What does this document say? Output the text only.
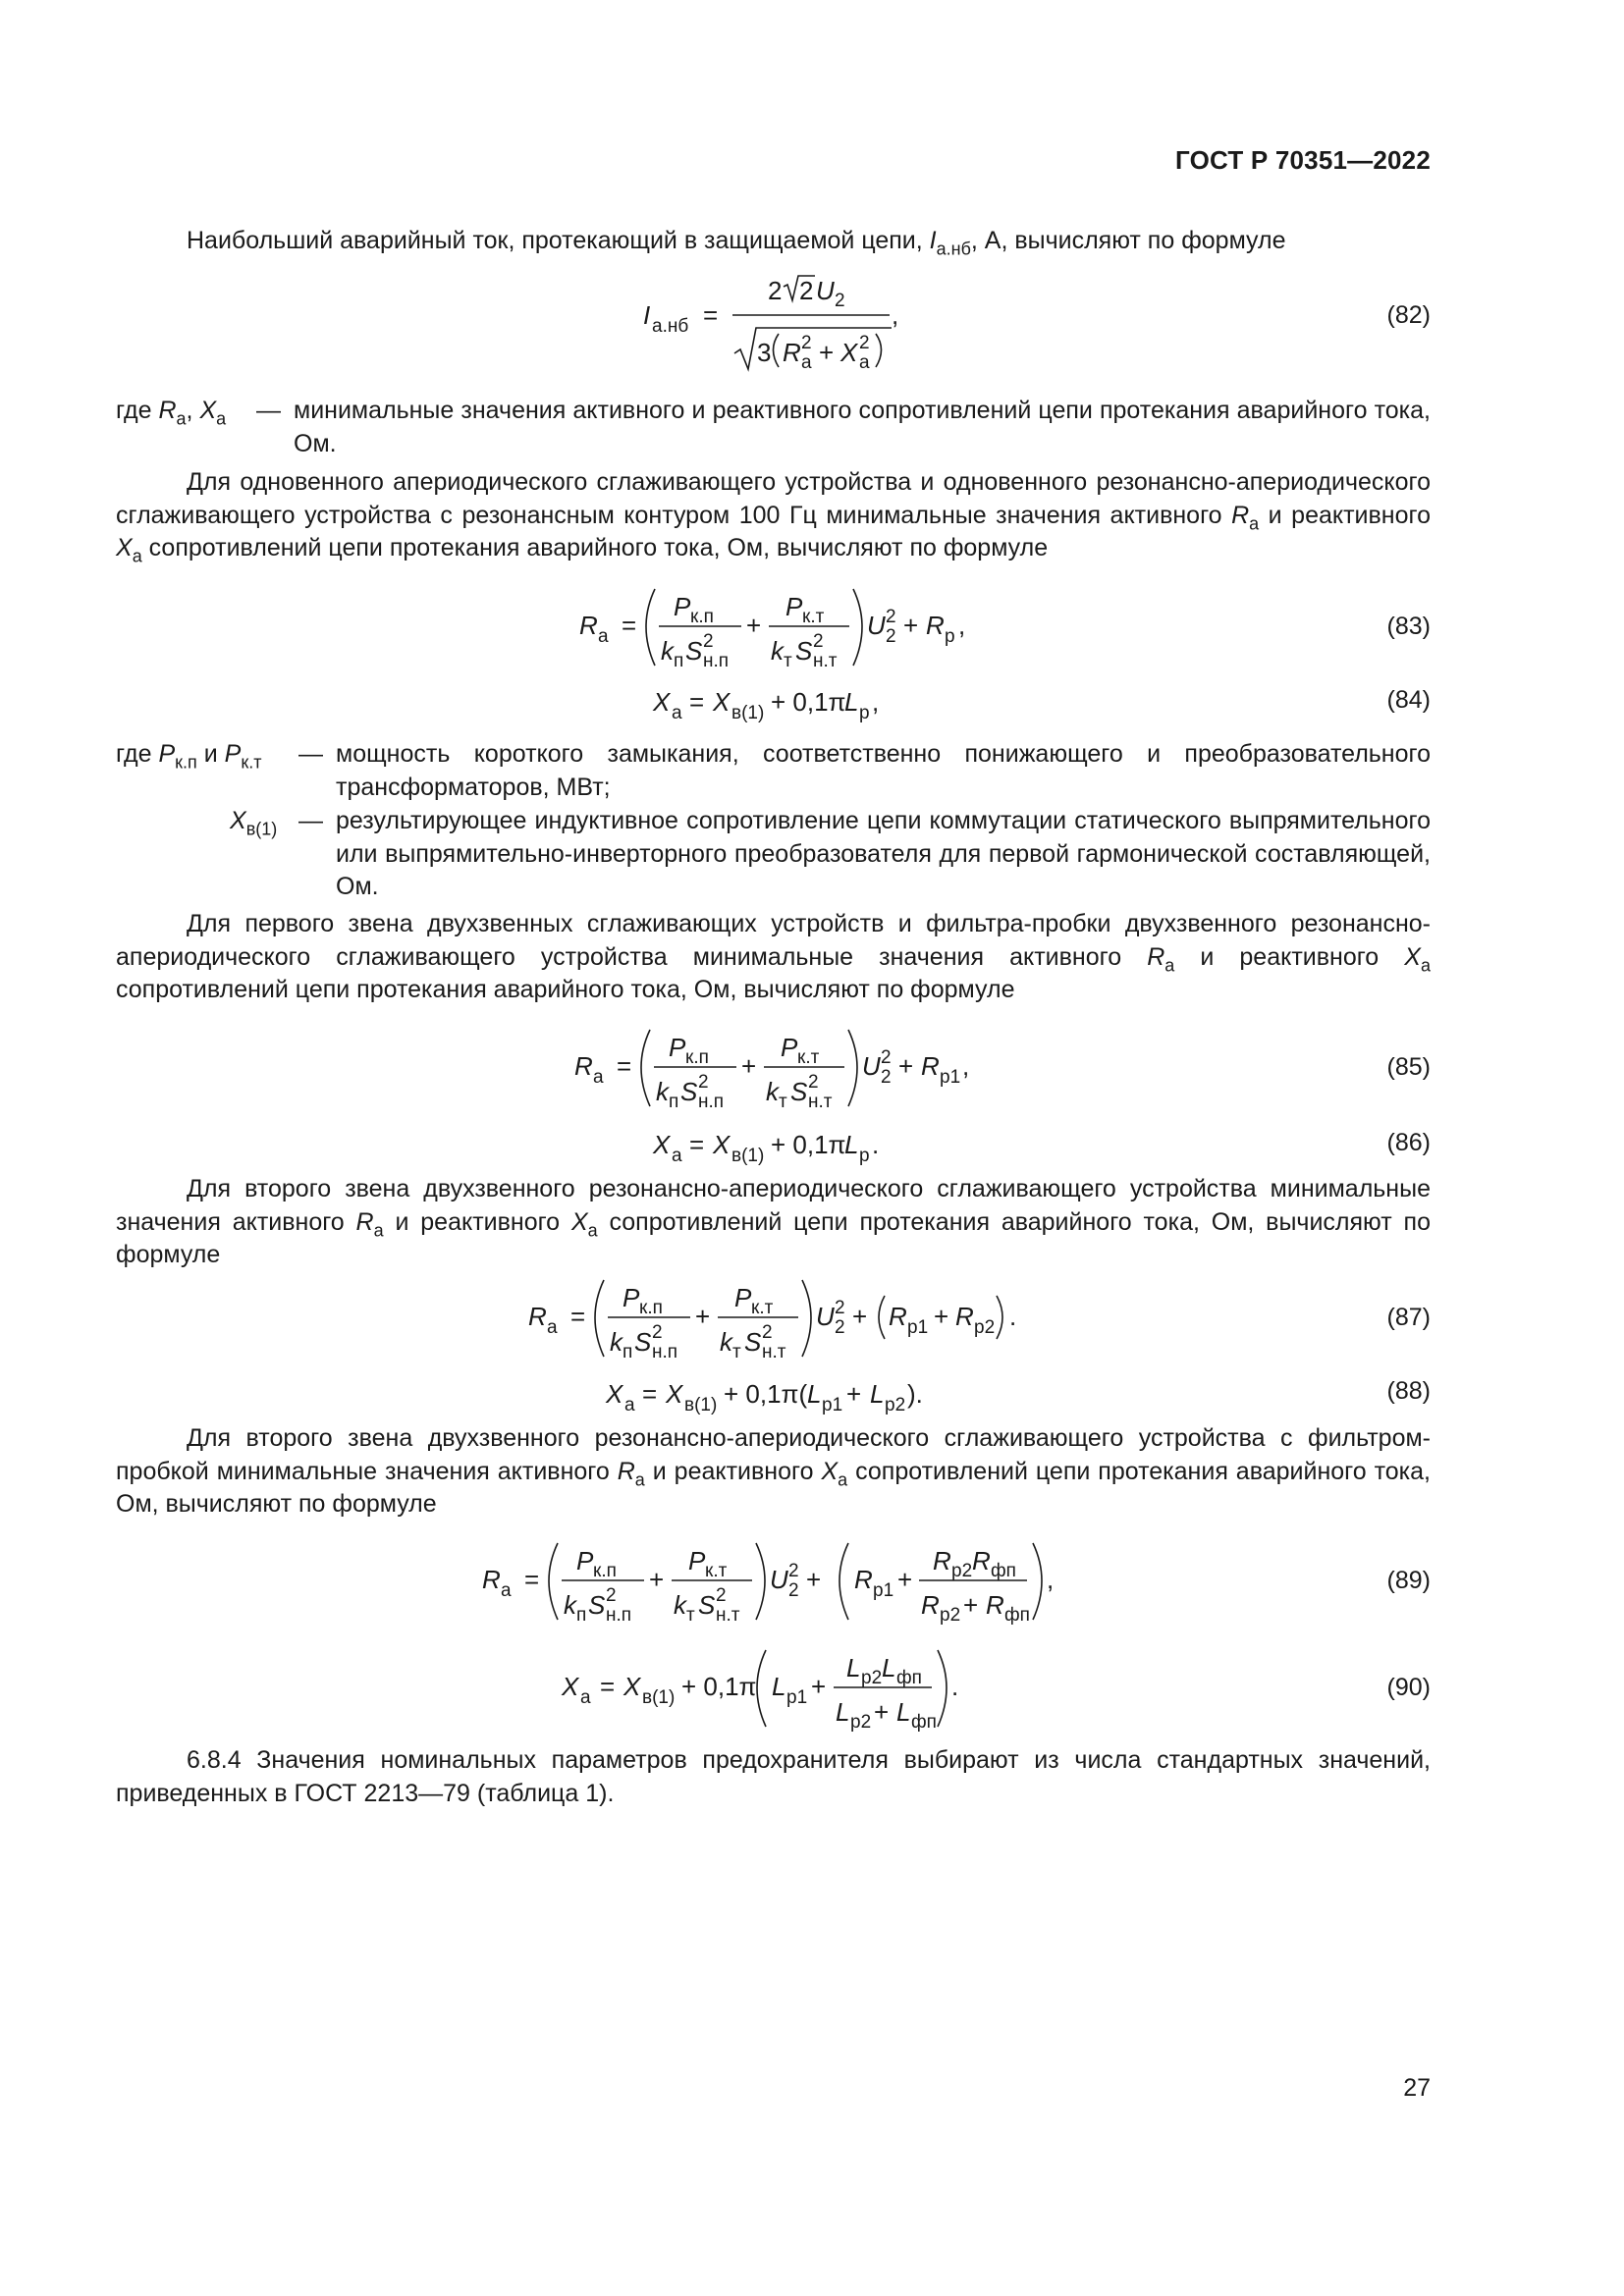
ГОСТ Р 70351—2022

Наибольший аварийный ток, протекающий в защищаемой цепи, $I_{а.нб}$, А, вычисляют по формуле

I а.нб =
2 2 U 2
3 R 2
а + X 2
а
,	(82)
где $R_а$, $X_а$ — минимальные значения активного и реактивного сопротивлений цепи протекания аварийного тока, Ом.

Для одновенного апериодического сглаживающего устройства и одновенного резонансно-апериодического сглаживающего устройства с резонансным контуром 100 Гц минимальные значения активного $R_а$ и реактивного $X_а$ сопротивлений цепи протекания аварийного тока, Ом, вычисляют по формуле

R а =
P к.п
k п S 2
н.п
+
P к.т
k т S 2
н.т
U 2
2 + R р ,	(83)
X а = X в(1) + 0,1π
L р ,	(84)
где $P_{к.п}$ и $P_{к.т}$ — мощность короткого замыкания, соответственно понижающего и преобразовательного трансформаторов, МВт;
$X_{в(1)}$ — результирующее индуктивное сопротивление цепи коммутации статического выпрямительного или выпрямительно-инверторного преобразователя для первой гармонической составляющей, Ом.

Для первого звена двухзвенных сглаживающих устройств и фильтра-пробки двухзвенного резонансно-апериодического сглаживающего устройства минимальные значения активного $R_а$ и реактивного $X_а$ сопротивлений цепи протекания аварийного тока, Ом, вычисляют по формуле

R а =
P к.п
k п S 2
н.п
+
P к.т
k т S 2
н.т
U 2
2 + R р1 ,	(85)
X а = X в(1) + 0,1π
L р .	(86)

Для второго звена двухзвенного резонансно-апериодического сглаживающего устройства минимальные значения активного $R_а$ и реактивного $X_а$ сопротивлений цепи протекания аварийного тока, Ом, вычисляют по формуле

R а =
P к.п
k п S 2
н.п
+
P к.т
k т S 2
н.т
U 2
2 + R р1 + R р2 .	(87)
X а = X в(1) + 0,1π( L р1 + L р2 ).	(88)

Для второго звена двухзвенного резонансно-апериодического сглаживающего устройства с фильтром-пробкой минимальные значения активного $R_а$ и реактивного $X_а$ сопротивлений цепи протекания аварийного тока, Ом, вычисляют по формуле

R а =
P к.п
k п S 2
н.п
+
P к.т
k т S 2
н.т
U 2
2 + R р1 +
R р2 R фп
R р2 + R фп
,	(89)
X а = X в(1) + 0,1π L р1 +
L р2 L фп
L р2 + L фп
.	(90)

6.8.4 Значения номинальных параметров предохранителя выбирают из числа стандартных значений, приведенных в ГОСТ 2213—79 (таблица 1).

27
